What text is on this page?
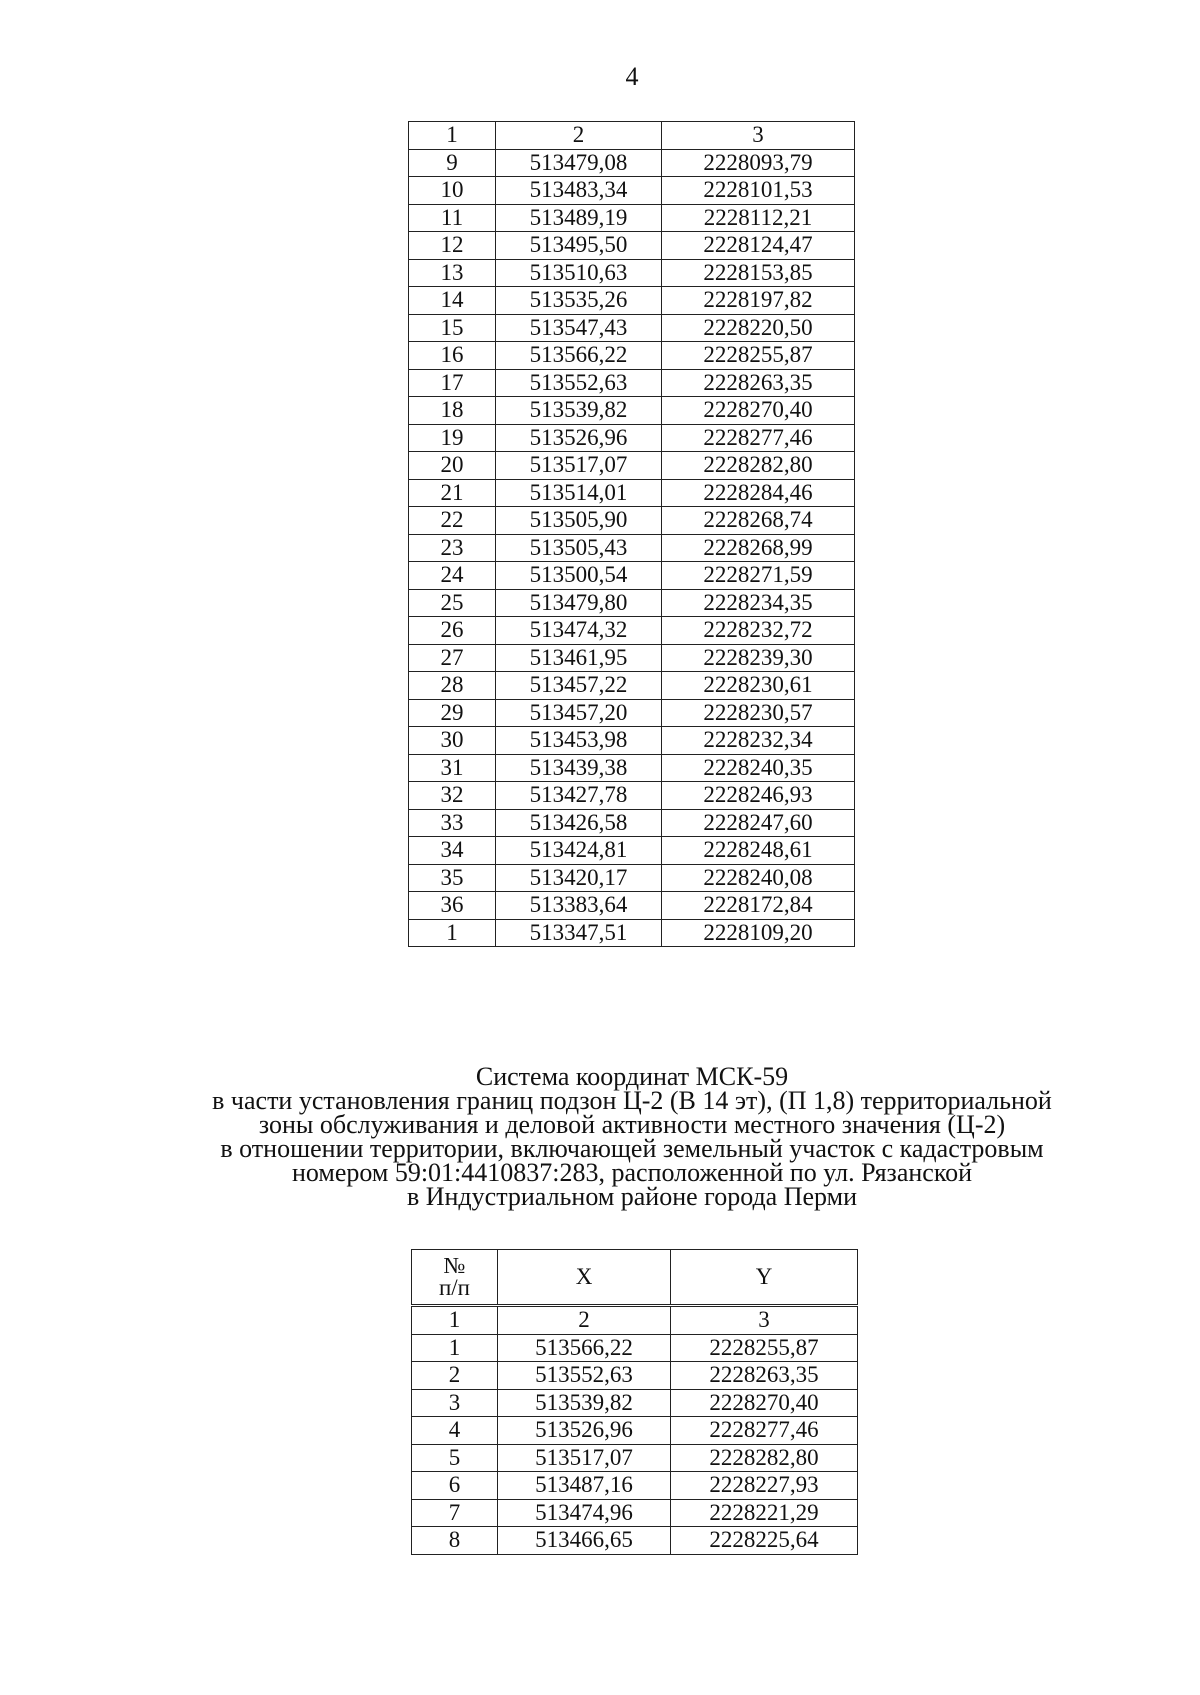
4
1	2	3
9	513479,08	2228093,79
10	513483,34	2228101,53
11	513489,19	2228112,21
12	513495,50	2228124,47
13	513510,63	2228153,85
14	513535,26	2228197,82
15	513547,43	2228220,50
16	513566,22	2228255,87
17	513552,63	2228263,35
18	513539,82	2228270,40
19	513526,96	2228277,46
20	513517,07	2228282,80
21	513514,01	2228284,46
22	513505,90	2228268,74
23	513505,43	2228268,99
24	513500,54	2228271,59
25	513479,80	2228234,35
26	513474,32	2228232,72
27	513461,95	2228239,30
28	513457,22	2228230,61
29	513457,20	2228230,57
30	513453,98	2228232,34
31	513439,38	2228240,35
32	513427,78	2228246,93
33	513426,58	2228247,60
34	513424,81	2228248,61
35	513420,17	2228240,08
36	513383,64	2228172,84
1	513347,51	2228109,20
Система координат МСК-59
в части установления границ подзон Ц-2 (В 14 эт), (П 1,8) территориальной
зоны обслуживания и деловой активности местного значения (Ц-2)
в отношении территории, включающей земельный участок с кадастровым
номером 59:01:4410837:283, расположенной по ул. Рязанской
в Индустриальном районе города Перми
№
п/п	X	Y
1	2	3
1	513566,22	2228255,87
2	513552,63	2228263,35
3	513539,82	2228270,40
4	513526,96	2228277,46
5	513517,07	2228282,80
6	513487,16	2228227,93
7	513474,96	2228221,29
8	513466,65	2228225,64
